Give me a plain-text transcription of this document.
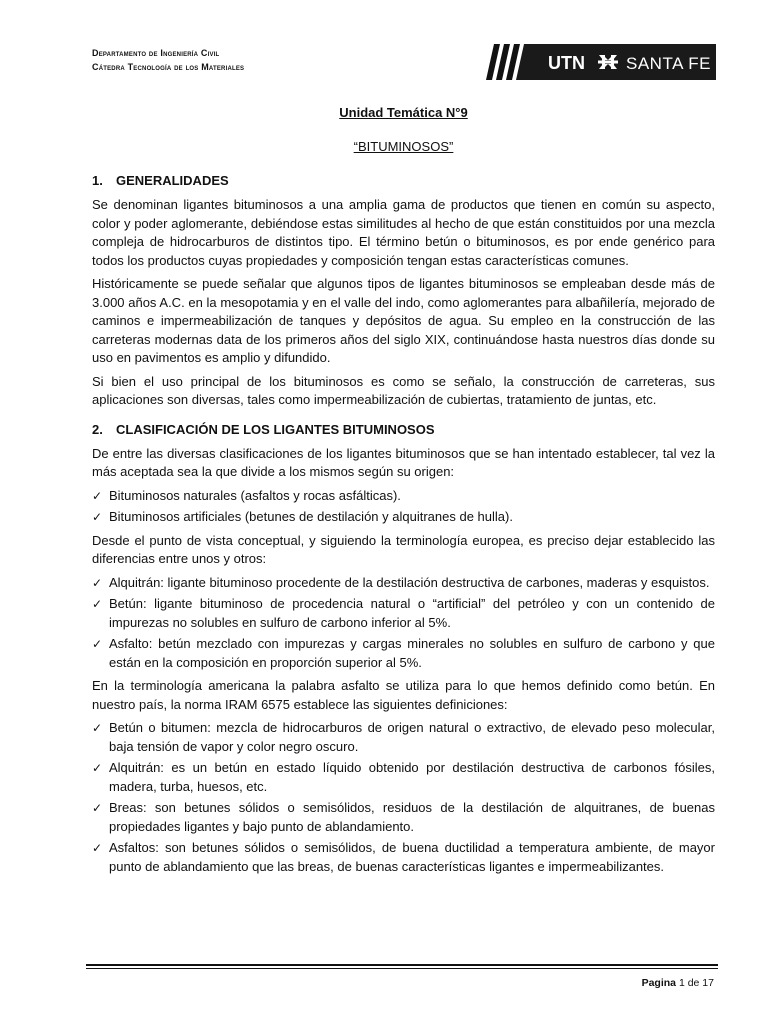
Departamento de Ingeniería Civil
Cátedra Tecnología de los Materiales	UTN SANTA FE
Unidad Temática N°9
“BITUMINOSOS”
1. GENERALIDADES

Se denominan ligantes bituminosos a una amplia gama de productos que tienen en común su aspecto, color y poder aglomerante, debiéndose estas similitudes al hecho de que están constituidos por una mezcla compleja de hidrocarburos de distintos tipo. El término betún o bituminosos, es por ende genérico para todos los productos cuyas propiedades y composición tengan estas características comunes.

Históricamente se puede señalar que algunos tipos de ligantes bituminosos se empleaban desde más de 3.000 años A.C. en la mesopotamia y en el valle del indo, como aglomerantes para albañilería, mejorado de caminos e impermeabilización de tanques y depósitos de agua. Su empleo en la construcción de las carreteras modernas data de los primeros años del siglo XIX, continuándose hasta nuestros días donde su uso en pavimentos es amplio y difundido.

Si bien el uso principal de los bituminosos es como se señalo, la construcción de carreteras, sus aplicaciones son diversas, tales como impermeabilización de cubiertas, tratamiento de juntas, etc.

2. CLASIFICACIÓN DE LOS LIGANTES BITUMINOSOS

De entre las diversas clasificaciones de los ligantes bituminosos que se han intentado establecer, tal vez la más aceptada sea la que divide a los mismos según su origen:

✓ Bituminosos naturales (asfaltos y rocas asfálticas).
✓ Bituminosos artificiales (betunes de destilación y alquitranes de hulla).

Desde el punto de vista conceptual, y siguiendo la terminología europea, es preciso dejar establecido las diferencias entre unos y otros:

✓ Alquitrán: ligante bituminoso procedente de la destilación destructiva de carbones, maderas y esquistos.
✓ Betún: ligante bituminoso de procedencia natural o “artificial” del petróleo y con un contenido de impurezas no solubles en sulfuro de carbono inferior al 5%.
✓ Asfalto: betún mezclado con impurezas y cargas minerales no solubles en sulfuro de carbono y que están en la composición en proporción superior al 5%.

En la terminología americana la palabra asfalto se utiliza para lo que hemos definido como betún. En nuestro país, la norma IRAM 6575 establece las siguientes definiciones:

✓ Betún o bitumen: mezcla de hidrocarburos de origen natural o extractivo, de elevado peso molecular, baja tensión de vapor y color negro oscuro.
✓ Alquitrán: es un betún en estado líquido obtenido por destilación destructiva de carbonos fósiles, madera, turba, huesos, etc.
✓ Breas: son betunes sólidos o semisólidos, residuos de la destilación de alquitranes, de buenas propiedades ligantes y bajo punto de ablandamiento.
✓ Asfaltos: son betunes sólidos o semisólidos, de buena ductilidad a temperatura ambiente, de mayor punto de ablandamiento que las breas, de buenas características ligantes e impermeabilizantes.
Pagina 1 de 17
